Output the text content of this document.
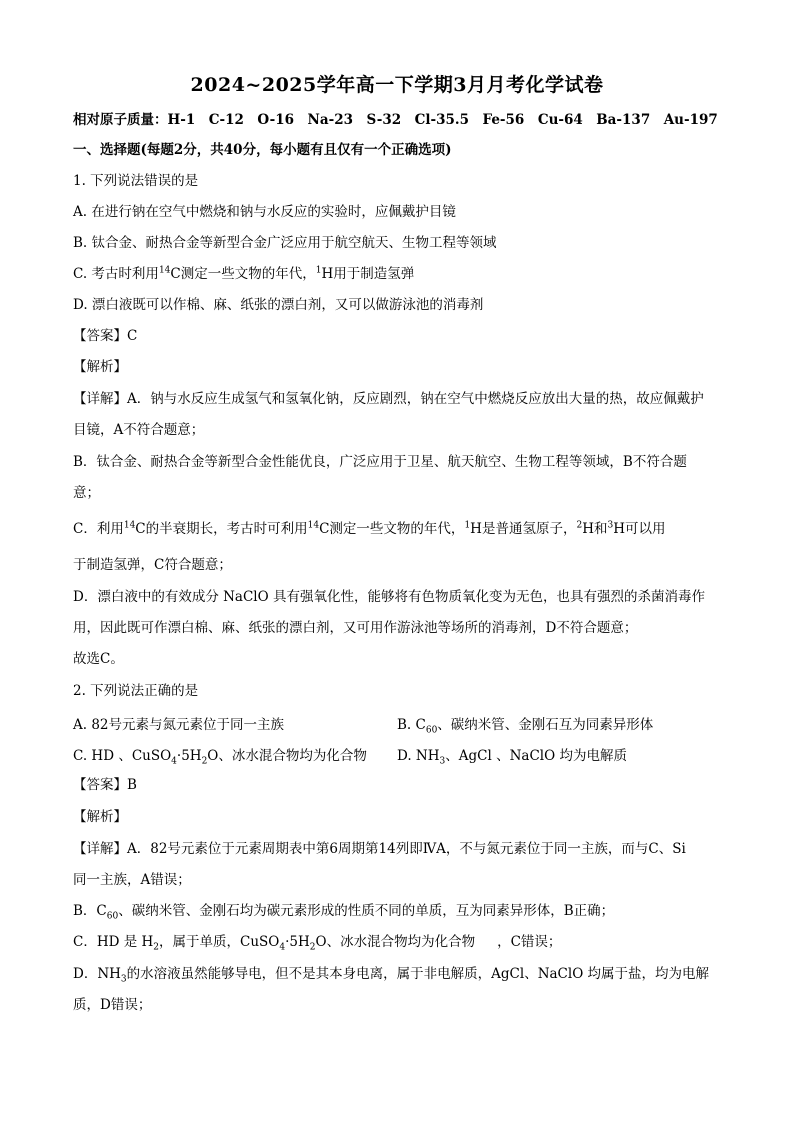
2024~2025学年高一下学期3月月考化学试卷
相对原子质量：H-1　C-12　O-16　Na-23　S-32　Cl-35.5　Fe-56　Cu-64　Ba-137　Au-197
一、选择题(每题2分，共40分，每小题有且仅有一个正确选项)
1. 下列说法错误的是
A. 在进行钠在空气中燃烧和钠与水反应的实验时，应佩戴护目镜
B. 钛合金、耐热合金等新型合金广泛应用于航空航天、生物工程等领域
C. 考古时利用$^{14}$C测定一些文物的年代，$^1$H用于制造氢弹
D. 漂白液既可以作棉、麻、纸张的漂白剂，又可以做游泳池的消毒剂
【答案】C
【解析】
【详解】A．钠与水反应生成氢气和氢氧化钠，反应剧烈，钠在空气中燃烧反应放出大量的热，故应佩戴护
目镜，A不符合题意；
B．钛合金、耐热合金等新型合金性能优良，广泛应用于卫星、航天航空、生物工程等领域，B不符合题
意；
C．利用$^{14}$C的半衰期长，考古时可利用$^{14}$C测定一些文物的年代，$^1$H是普通氢原子，$^2$H和$^3$H可以用
于制造氢弹，C符合题意；
D．漂白液中的有效成分 NaClO 具有强氧化性，能够将有色物质氧化变为无色，也具有强烈的杀菌消毒作
用，因此既可作漂白棉、麻、纸张的漂白剂，又可用作游泳池等场所的消毒剂，D不符合题意；
故选C。
2. 下列说法正确的是
A. 82号元素与氮元素位于同一主族	B. $C_{60}$、碳纳米管、金刚石互为同素异形体
C. HD 、$CuSO_4\cdot 5H_2O$、冰水混合物均为化合物 D. $NH_3$、AgCl 、NaClO 均为电解质
【答案】B
【解析】
【详解】A．82号元素位于元素周期表中第6周期第14列即ⅣA，不与氮元素位于同一主族，而与C、Si
同一主族，A错误；
B．$C_{60}$、碳纳米管、金刚石均为碳元素形成的性质不同的单质，互为同素异形体，B正确；
C．HD 是 $H_2$，属于单质，$CuSO_4\cdot 5H_2O$、冰水混合物均为化合物 ，C错误；
D．$NH_3$的水溶液虽然能够导电，但不是其本身电离，属于非电解质，AgCl、NaClO 均属于盐，均为电解
质，D错误；
